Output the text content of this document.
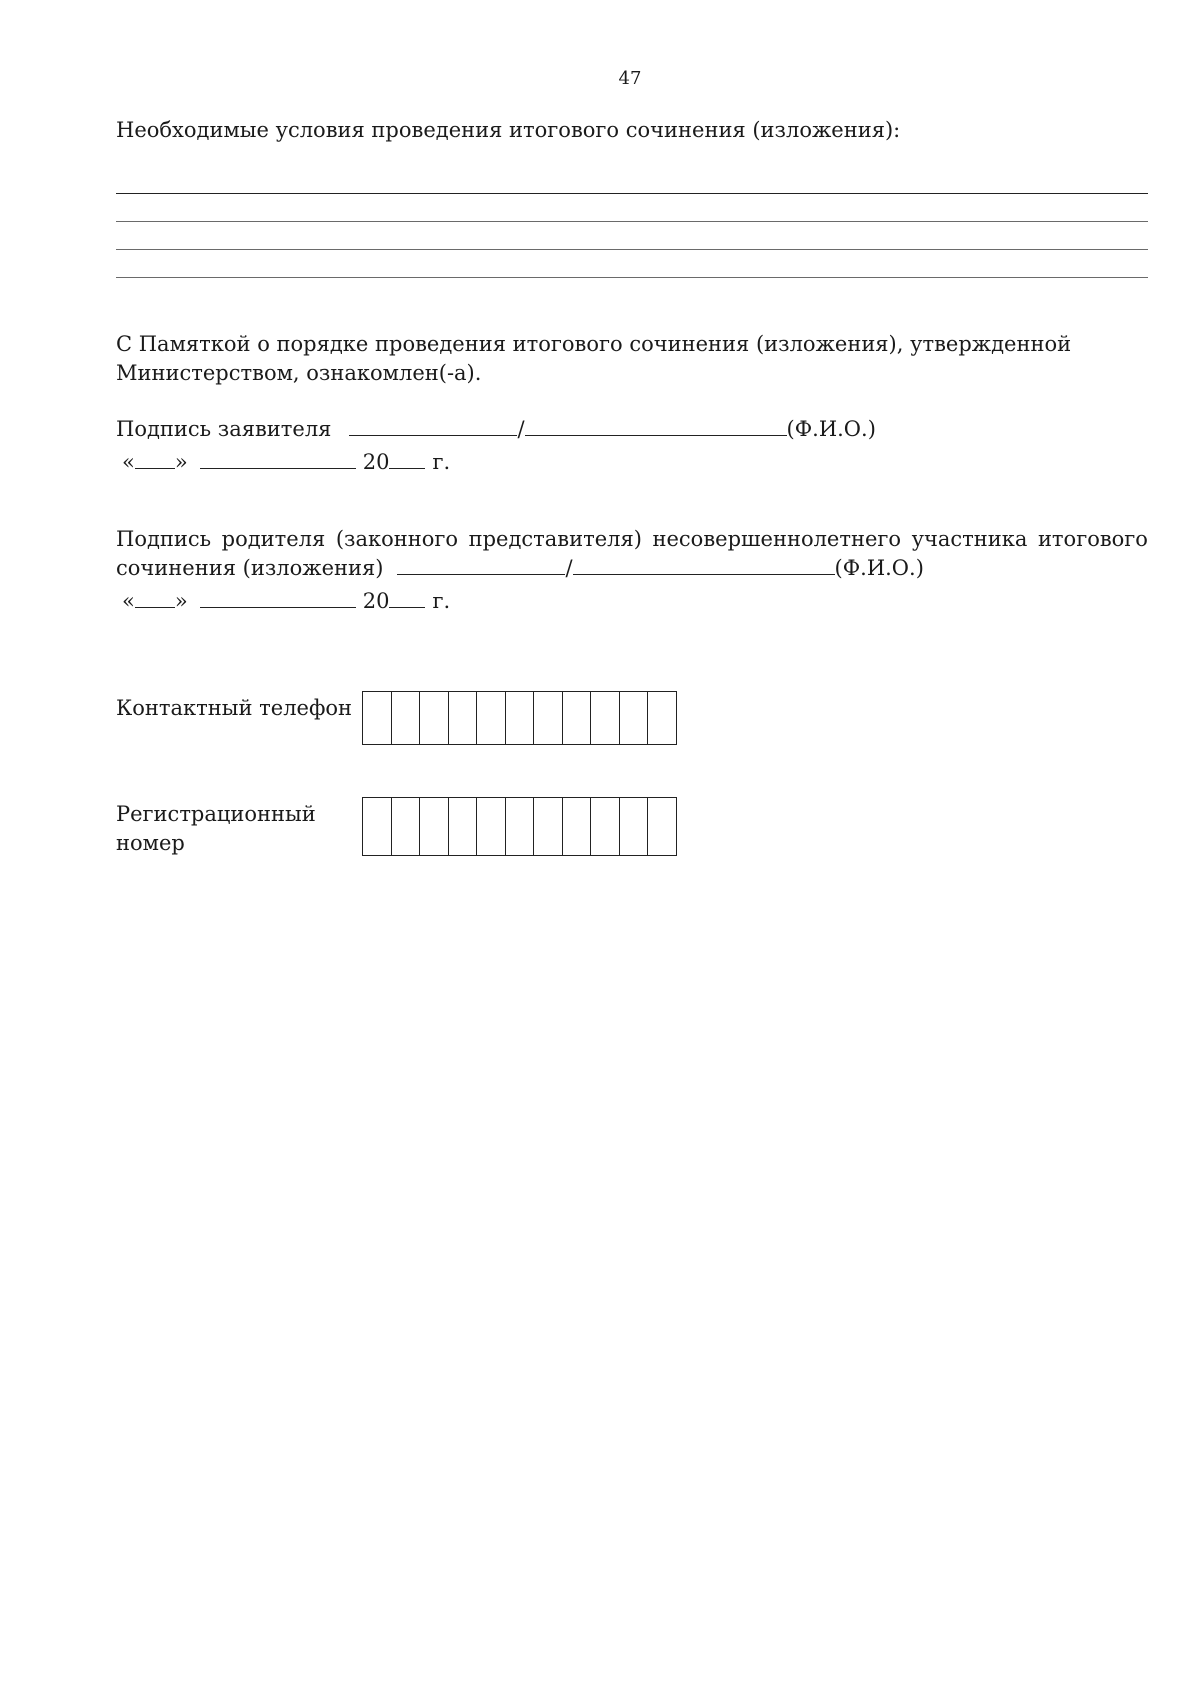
47
Необходимые условия проведения итогового сочинения (изложения):
С Памяткой о порядке проведения итогового сочинения (изложения), утвержденной Министерством, ознакомлен(-а).
Подпись заявителя	/	(Ф.И.О.)
« »	20 г.
Подпись родителя (законного представителя) несовершеннолетнего участника итогового
сочинения (изложения)	/	(Ф.И.О.)
« »	20 г.
Контактный телефон
Регистрационный
номер
